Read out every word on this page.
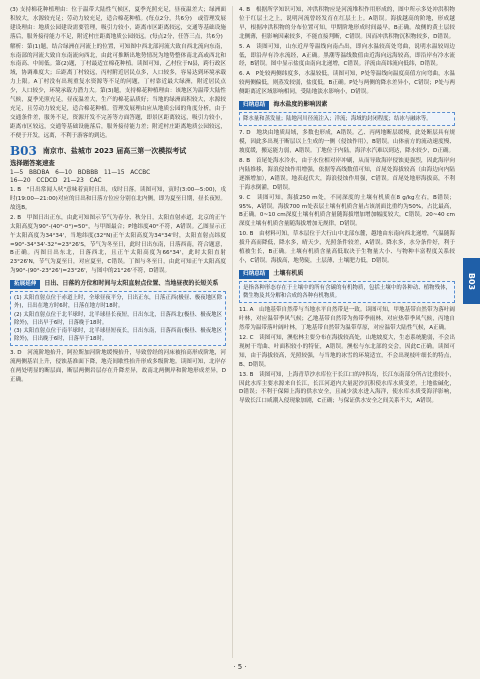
(3) 支持棉花种植理由：位于温带大陆性气候区，夏季光照充足，昼夜温差大；绿洲面积较大，水源较充足；劳动力较充足，适合棉花种植。(每点2分，共6分)　或管理发展建设理由：地质公园建设需要管理，吸引力较小，距离市区距离较远，交通等基础设施落后，服务接待能力不足，附近村庄距离地质公园较远。(每点2分，任答三点，共6分)

解析：第(1)题，结合绿洲在河流上的位置，可知图中西北部河流大致自西北流向东南，东南部的河流大致自东南流向西北，由此可推断出地势情况为地势整体南北高或西北和东南高、中间低。第(2)题，丁村最适宜棉花种植。读图可知，乙村位于N县，跨行政区域，协调难度大；丘距离丁村较远，丙村附近居民点多，人口较多，容易达到环境承载力上限。A丁村没有出现重复水资源等不足的问题，丁村靠近最大绿洲，附近居民点少，人口较少，环境承载力潜力大。第(3)题，支持棉花种植理由：该地区为温带大陆性气候，夏季光照充足，昼夜温差大，生产的棉花品质好；当地的绿洲面积较大，水源较充足，且劳动力较充足，适合棉花种植。管理发展理由应从地质公园的角度分析，由于交通条件差，服务不足，资源开发不完善等方面答题，即景区距离较远，吸引力较小，距离市区较远，交通等基础设施落后，服务接待能力差；附近村庄距离地质公园较远，不便于开发，远离，不利于游客的到达。

B03 南京市、盐城市 2023 届高三第一次模拟考试
选择题答案速查
1—5　BBDBA　6—10　BDBBB　11—15　ACCBC
16—20　CCDCD　21—23　CAC

1. B　"日出常闻人吠"意味着寅时日出，戌时日落。读图可知，寅时(3:00—5:00)，戌时(19:00—21:00)对应的日出和日落方位应分别在北内侧，即为夏至日期，昼长夜短。故选B。

2. B　甲图日出正东，由此可知图示节气为春分、秋分日，太阳直射赤道，北京的正午太阳高度为90°-(40°-0°)=50°，与甲图最合；P地纬度40°不符，A错误。乙图显示正午太阳高度为34°34'，当地纬度(32°N)正午太阳高度为34°34'时，太阳直射点纬度=90°-34°34'-32°=23°26'S，节气为冬至日，此时日出东南，日落西南，符合题意，B正确。丙图日出东北，日落西北，且正午太阳高度为66°34'，此时太阳直射23°26'N，节气为夏至日，对应夏至，C错误。丁图与冬至日，由此可知正午太阳高度为90°-(90°-23°26')=23°26'，与图中的21°26'不符，D错误。

拓展延伸	日出、日落的方位和时间与太阳直射点位置、当地昼夜的长短关系
(1) 太阳直射点位于赤道上时，全球昼夜平分，日出正东，日落正西(极昼、极夜地区除外)，日出在地方时6时，日落在地方时18时。
(2) 太阳直射点位于北半球时，北半球昼长夜短，日出东北，日落西北(极昼、极夜地区除外)，日出早于6时，日落晚于18时。
(3) 太阳直射点位于南半球时，北半球昼短夜长，日出东南，日落西南(极昼、极夜地区除外)，日出晚于6时，日落早于18时。

3. D　河流阶地抬升，阿拉斯加河阶地缓慢抬升，导致曾经的河床被抬高形成阶地，河流两侧基岩上升，侵蚀基准面下降，地壳间歇性抬升形成多级阶地。读图可知，北岸存在两处明显的断层面，断层两侧岩层存在升降差异，故南北两侧岸和阶地形成差异，D正确。

4. B　根据所学知识可知，冲洪积物应是河流堆积作用形成的，图中所示多处冲洪积物位于红层土之上，说明河流曾经发育在红层土上。A错误。海拔越高的阶地，形成越早，根据冲洪积物的分布位置可知，甲期阶地形成时间最早，B正确。故侧的黄土层较北侧薄，但影响因素较多，不能直接判断，C错误。因而冲洪积物沉积物较多，D错误。

5. A　读图可知，山东近岸等温线向南凸出，即向水温较高处弯曲，说明水温较周边低，即沿岸有冷水流经，A正确。黑潮等温线数值由近海向远海较高，即沿岸有冷水流经，B错误。图中显示盐度由南向北递增，C错误。洋流由高纬流向低纬，D错误。

6. A　P处较两侧纬度多，水温较低，读图可知，P处等温线向温度高值方向弯曲，水温较两侧偏低，则蒸发较弱，盐度低，B正确。P处与两侧的降水差异小，C错误；P处与两侧距离近区域影响相同，受陆地淡水影响小，D错误。

归纳总结	海水盐度的影响因素
降水量和蒸发量；陆地河川径流注入；洋流；海域的封闭程度；结冰与融冰等。

7. D　地块由地质局域，多数也形成，A错误。乙、丙两地断层缓慢，此处断层具有规模，因此多出现于断层以上生成的一侧（侵蚀作用），B错误。山体前方的流动速度慢、坡度缓，搬运能力弱，A错误。丁地位于内陆，海洋水汽难以到达，降水较少，D正确。

8. B　首尾处海水冷水，由于水位相对岸冲刷，从而导致海岸侵蚀更强烈，因此海岸向内陆推移，海浪侵蚀作用增强，依据等高线数值可知，首尾处海拔较高（由海边向内陆逐渐增加），A错误。地表起伏大，海浪侵蚀作用强，C错误。首尾处地形海拔高，不利于海水倒灌，D错误。

9. C　读图可知，海拔250 m处，不同深度的土壤有机质在8 g/kg左右，B错误；95%，A错误。海拔700 m处表层土壤有机质含量占该剖面比重约为50%，占比最高，B正确。0~10 cm深度土壤有机质含量随海拔增加增加幅度较大，C错误。20~40 cm深度土壤有机质含量随海拔增加无规律，D错误。

10. B　由材料可知，草本层位于大行山中北部东麓，越地由东南向西北递增，气温随海拔升高而降低，降水多，晴天少，光照条件较差，A错误。降水多，水分条件好，利于植被生长，B正确。土壤有机质含量高低取决于生物量大小、与物种丰富程度关系较小，C错误。海拔高，地势陡，土层薄，土壤肥力低，D错误。

归纳总结	土壤有机质
是指各种形态存在于土壤中的所有含碳的有机物质，包括土壤中的各种动、植物残体，微生物及其分解和合成的各种有机物质。

11. A　山地基带自然带与当地水平自然带是一致。读图可知，甲地基带自然带为落叶阔叶林，对应温带季风气候；乙地基带自然带为热带季雨林，对应热带季风气候，丙地自然带为温带落叶阔叶林，丁地基带自然带为温带草原，对应温带大陆性气候，A正确。

12. C　读图可知，澳松林主要分布在海拔较高处，山地坡度大，生态系统脆弱，不会出现树干弯曲、叶面积较小的特征，A错误。澳松与东北部的交会，因此C正确。读图可知，由于海拔较高，光照较强，与当地的冰雪的环境适宜，不会出现枝叶细长的特点，B、D错误。

13. B　读图可知，上海青草沙水库位于长江口的冲积岛，长江东南部分所占比重较小，因此水库主要水源来自长江，长江河道内大量泥沙沉积使水库水质变差，土地盐碱化，D错误；不利于保障上海的供水安全，且减少淡水进入海洋，使水库水质受海洋影响，导致长江口咸潮入侵现象加剧，C正确；与保证供水安全之间关系不大，A错误。

B03
· 5 ·
